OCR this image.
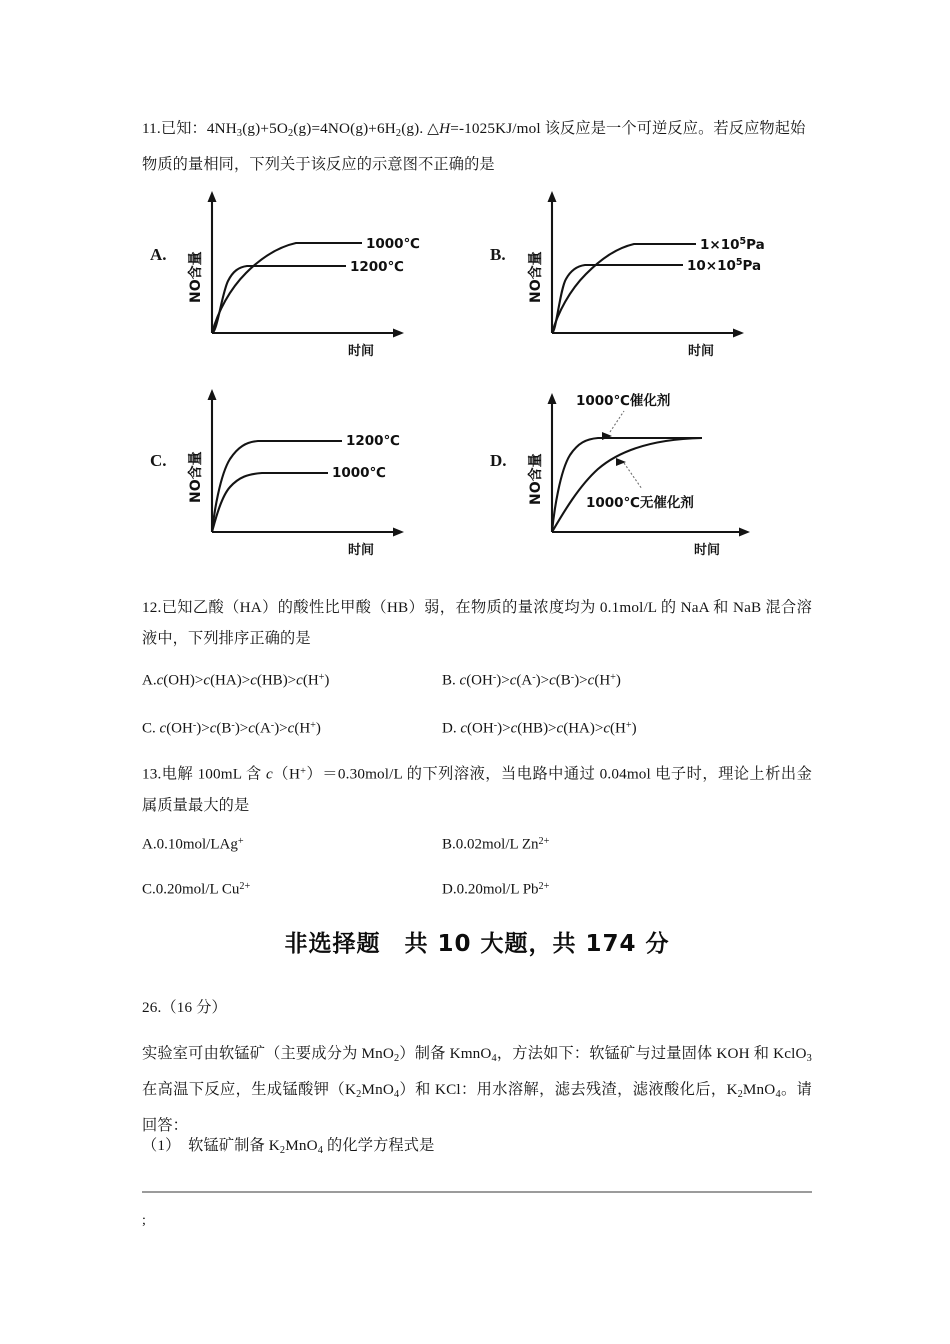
11.已知：$4NH_3(g)+5O_2(g)=4NO(g)+6H_2(g)$. △H=-1025KJ/mol 该反应是一个可逆反应。若反应物起始物质的量相同，下列关于该反应的示意图不正确的是
A.
1000℃
1200℃
NO含量
时间
B.	$1\times 10^5Pa$
$10\times 10^5Pa$
NO含量
时间
C.
1200℃
1000℃
NO含量
时间
D.
1000℃催化剂
1000℃无催化剂
NO含量
时间
12.已知乙酸（HA）的酸性比甲酸（HB）弱，在物质的量浓度均为 0.1mol/L 的 NaA 和 NaB 混合溶液中，下列排序正确的是
A.c(OH)>c(HA)>c(HB)>c(H+)	B. c(OH-)>c(A-)>c(B-)>c(H+)
C. c(OH-)>c(B-)>c(A-)>c(H+)	D. c(OH-)>c(HB)>c(HA)>c(H+)
13.电解 100mL 含 c（H+）＝0.30mol/L 的下列溶液，当电路中通过 0.04mol 电子时，理论上析出金属质量最大的是
A.0.10mol/LAg+	B.0.02mol/L $Zn^{2+}$
C.0.20mol/L $Cu^{2+}$	D.0.20mol/L $Pb^{2+}$
非选择题　共 10 大题，共 174 分
26.（16 分）
实验室可由软锰矿（主要成分为 MnO$_2$）制备 KmnO$_4$，方法如下：软锰矿与过量固体 KOH 和 KclO$_3$ 在高温下反应，生成锰酸钾$(K_2MnO_4)$和 KCl：用水溶解，滤去残渣，滤液酸化后，$K_2MnO_4$。请回答：
（1）　软锰矿制备 $K_2MnO_4$ 的化学方程式是
;
